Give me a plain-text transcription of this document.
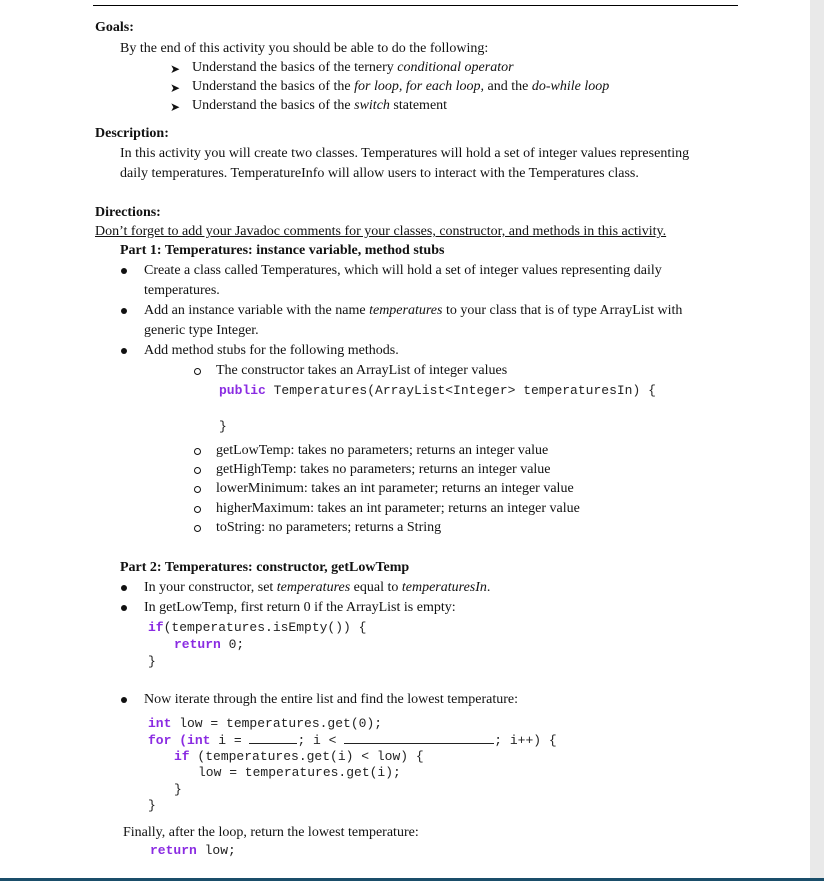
Goals:
By the end of this activity you should be able to do the following:
➤ Understand the basics of the ternery conditional operator
➤ Understand the basics of the for loop, for each loop, and the do-while loop
➤ Understand the basics of the switch statement
Description:
In this activity you will create two classes. Temperatures will hold a set of integer values representing
daily temperatures. TemperatureInfo will allow users to interact with the Temperatures class.
Directions:
Don’t forget to add your Javadoc comments for your classes, constructor, and methods in this activity.
Part 1: Temperatures: instance variable, method stubs
Create a class called Temperatures, which will hold a set of integer values representing daily
temperatures.
Add an instance variable with the name temperatures to your class that is of type ArrayList with
generic type Integer.
Add method stubs for the following methods.
The constructor takes an ArrayList of integer values
public Temperatures(ArrayList<Integer> temperaturesIn) {
}
getLowTemp: takes no parameters; returns an integer value
getHighTemp: takes no parameters; returns an integer value
lowerMinimum: takes an int parameter; returns an integer value
higherMaximum: takes an int parameter; returns an integer value
toString: no parameters; returns a String
Part 2: Temperatures: constructor, getLowTemp
In your constructor, set temperatures equal to temperaturesIn.
In getLowTemp, first return 0 if the ArrayList is empty:
if(temperatures.isEmpty()) {
return 0;
}
Now iterate through the entire list and find the lowest temperature:
int low = temperatures.get(0);
for (int i =	; i <	; i++) {
if (temperatures.get(i) < low) {
low = temperatures.get(i);
}
}
Finally, after the loop, return the lowest temperature:
return low;
